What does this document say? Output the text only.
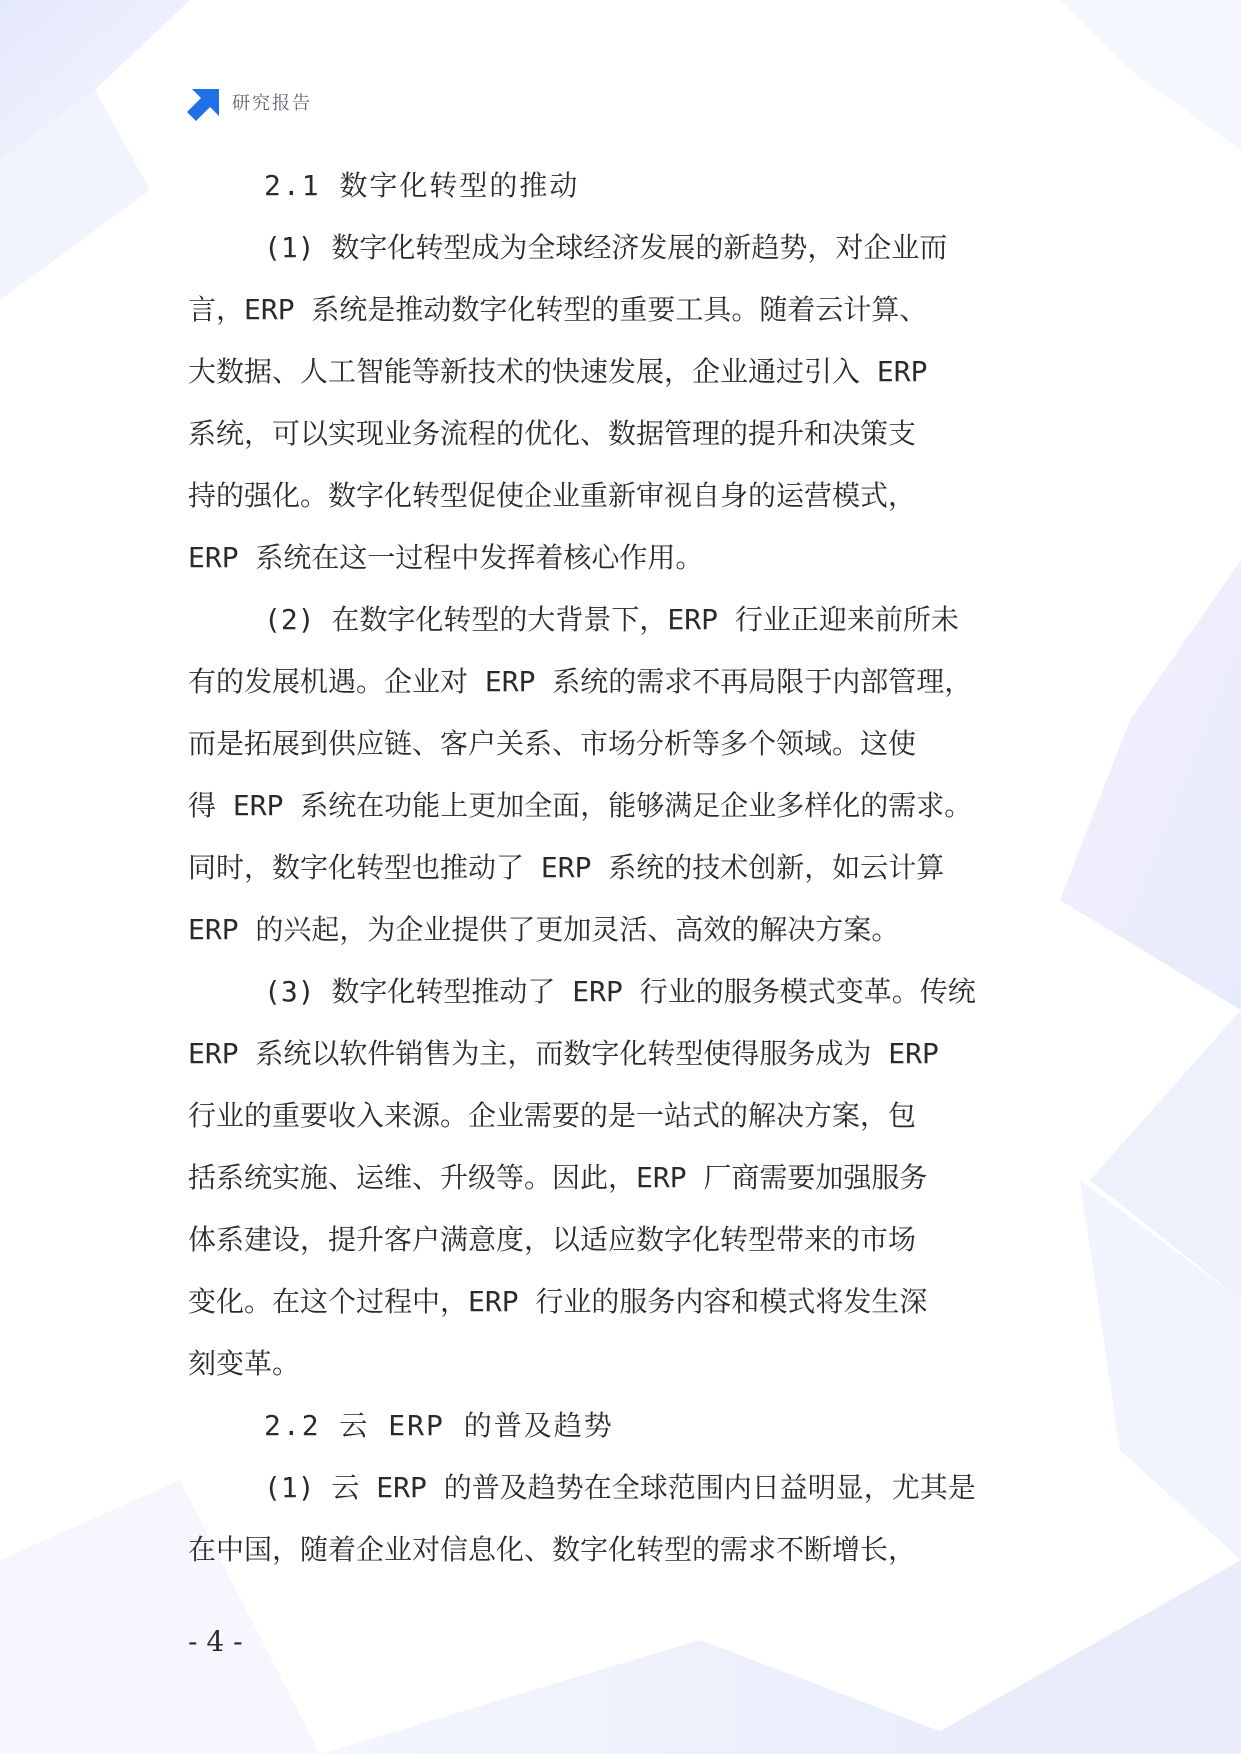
研究报告
2.1 数字化转型的推动
(1) 数字化转型成为全球经济发展的新趋势，对企业而
言，ERP 系统是推动数字化转型的重要工具。随着云计算、
大数据、人工智能等新技术的快速发展，企业通过引入 ERP
系统，可以实现业务流程的优化、数据管理的提升和决策支
持的强化。数字化转型促使企业重新审视自身的运营模式，
ERP 系统在这一过程中发挥着核心作用。
(2) 在数字化转型的大背景下，ERP 行业正迎来前所未
有的发展机遇。企业对 ERP 系统的需求不再局限于内部管理，
而是拓展到供应链、客户关系、市场分析等多个领域。这使
得 ERP 系统在功能上更加全面，能够满足企业多样化的需求。
同时，数字化转型也推动了 ERP 系统的技术创新，如云计算
ERP 的兴起，为企业提供了更加灵活、高效的解决方案。
(3) 数字化转型推动了 ERP 行业的服务模式变革。传统
ERP 系统以软件销售为主，而数字化转型使得服务成为 ERP
行业的重要收入来源。企业需要的是一站式的解决方案，包
括系统实施、运维、升级等。因此，ERP 厂商需要加强服务
体系建设，提升客户满意度，以适应数字化转型带来的市场
变化。在这个过程中，ERP 行业的服务内容和模式将发生深
刻变革。
2.2 云 ERP 的普及趋势
(1) 云 ERP 的普及趋势在全球范围内日益明显，尤其是
在中国，随着企业对信息化、数字化转型的需求不断增长，
- 4 -
